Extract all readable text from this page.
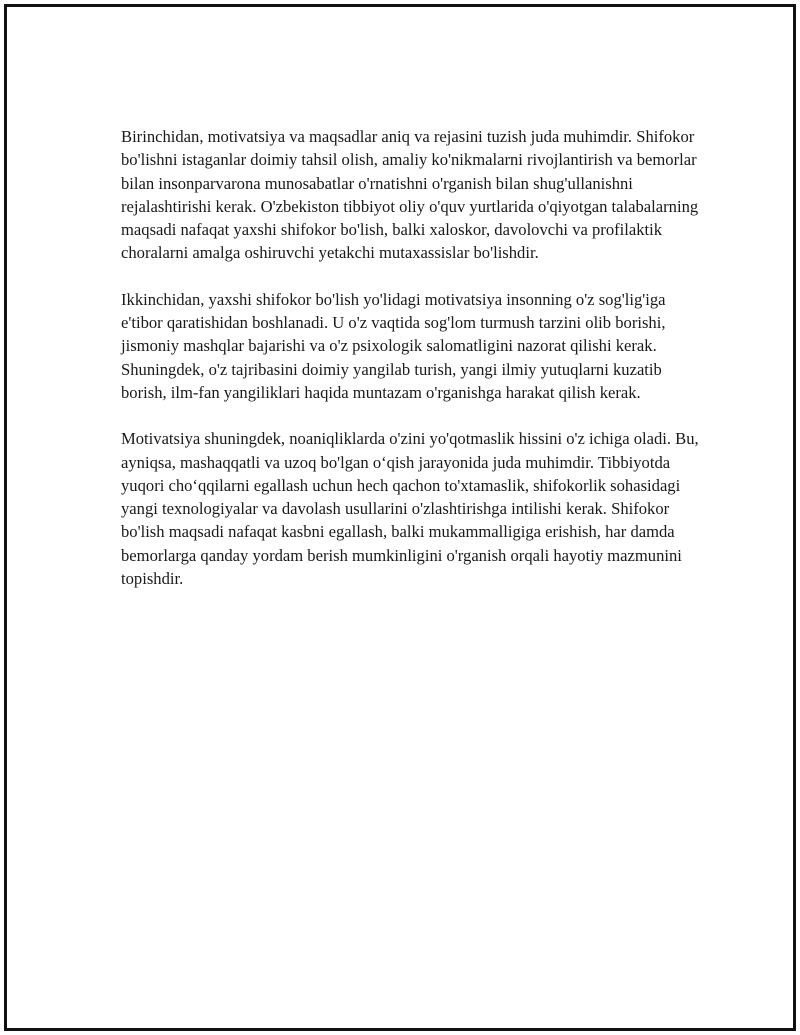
Birinchidan, motivatsiya va maqsadlar aniq va rejasini tuzish juda muhimdir. Shifokor bo'lishni istaganlar doimiy tahsil olish, amaliy ko'nikmalarni rivojlantirish va bemorlar bilan insonparvarona munosabatlar o'rnatishni o'rganish bilan shug'ullanishni rejalashtirishi kerak. O'zbekiston tibbiyot oliy o'quv yurtlarida o'qiyotgan talabalarning maqsadi nafaqat yaxshi shifokor bo'lish, balki xaloskor, davolovchi va profilaktik choralarni amalga oshiruvchi yetakchi mutaxassislar bo'lishdir.

Ikkinchidan, yaxshi shifokor bo'lish yo'lidagi motivatsiya insonning o'z sog'lig'iga e'tibor qaratishidan boshlanadi. U o'z vaqtida sog'lom turmush tarzini olib borishi, jismoniy mashqlar bajarishi va o'z psixologik salomatligini nazorat qilishi kerak. Shuningdek, o'z tajribasini doimiy yangilab turish, yangi ilmiy yutuqlarni kuzatib borish, ilm-fan yangiliklari haqida muntazam o'rganishga harakat qilish kerak.

Motivatsiya shuningdek, noaniqliklarda o'zini yo'qotmaslik hissini o'z ichiga oladi. Bu, ayniqsa, mashaqqatli va uzoq bo'lgan o‘qish jarayonida juda muhimdir. Tibbiyotda yuqori cho‘qqilarni egallash uchun hech qachon to'xtamaslik, shifokorlik sohasidagi yangi texnologiyalar va davolash usullarini o'zlashtirishga intilishi kerak. Shifokor bo'lish maqsadi nafaqat kasbni egallash, balki mukammalligiga erishish, har damda bemorlarga qanday yordam berish mumkinligini o'rganish orqali hayotiy mazmunini topishdir.
